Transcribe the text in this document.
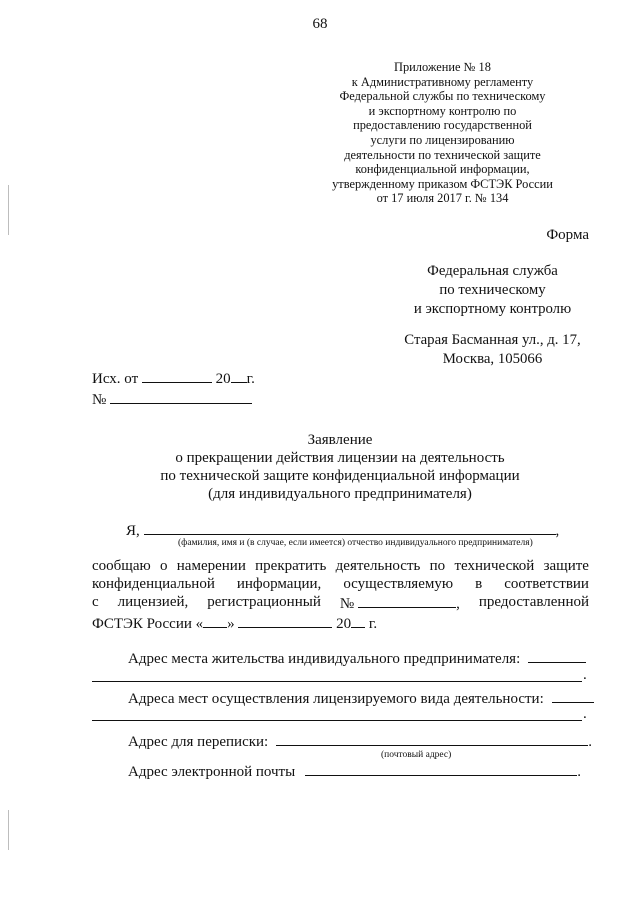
68
Приложение № 18
к Административному регламенту
Федеральной службы по техническому
и экспортному контролю по
предоставлению государственной
услуги по лицензированию
деятельности по технической защите
конфиденциальной информации,
утвержденному приказом ФСТЭК России
от 17 июля 2017 г. № 134
Форма
Федеральная служба
по техническому
и экспортному контролю
Старая Басманная ул., д. 17,
Москва, 105066
Исх. от	20 г.
№
Заявление
о прекращении действия лицензии на деятельность
по технической защите конфиденциальной информации
(для индивидуального предпринимателя)
Я,	,
(фамилия, имя и (в случае, если имеется) отчество индивидуального предпринимателя)
сообщаю о намерении прекратить деятельность по технической защите
конфиденциальной информации, осуществляемую в соответствии
с лицензией, регистрационный №	, предоставленной
ФСТЭК России « »	20 г.
Адрес места жительства индивидуального предпринимателя:
.
Адреса мест осуществления лицензируемого вида деятельности:
.
Адрес для переписки:	.
(почтовый адрес)
Адрес электронной почты	.
